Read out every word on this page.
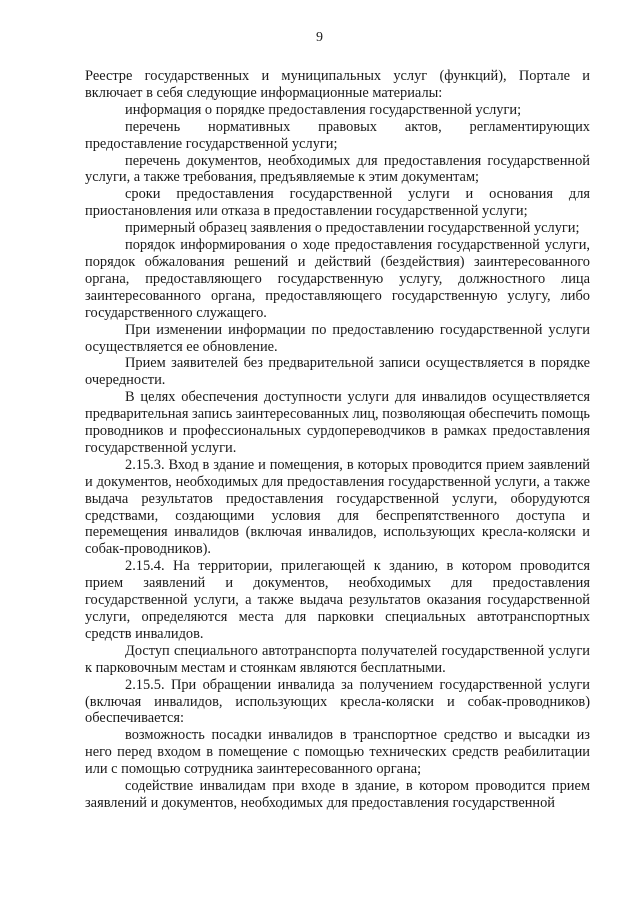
9

Реестре государственных и муниципальных услуг (функций), Портале и включает в себя следующие информационные материалы:

информация о порядке предоставления государственной услуги;

перечень нормативных правовых актов, регламентирующих предоставление государственной услуги;

перечень документов, необходимых для предоставления государственной услуги, а также требования, предъявляемые к этим документам;

сроки предоставления государственной услуги и основания для приостановления или отказа в предоставлении государственной услуги;

примерный образец заявления о предоставлении государственной услуги;

порядок информирования о ходе предоставления государственной услуги, порядок обжалования решений и действий (бездействия) заинтересованного органа, предоставляющего государственную услугу, должностного лица заинтересованного органа, предоставляющего государственную услугу, либо государственного служащего.

При изменении информации по предоставлению государственной услуги осуществляется ее обновление.

Прием заявителей без предварительной записи осуществляется в порядке очередности.

В целях обеспечения доступности услуги для инвалидов осуществляется предварительная запись заинтересованных лиц, позволяющая обеспечить помощь проводников и профессиональных сурдопереводчиков в рамках предоставления государственной услуги.

2.15.3. Вход в здание и помещения, в которых проводится прием заявлений и документов, необходимых для предоставления государственной услуги, а также выдача результатов предоставления государственной услуги, оборудуются средствами, создающими условия для беспрепятственного доступа и перемещения инвалидов (включая инвалидов, использующих кресла-коляски и собак-проводников).

2.15.4. На территории, прилегающей к зданию, в котором проводится прием заявлений и документов, необходимых для предоставления государственной услуги, а также выдача результатов оказания государственной услуги, определяются места для парковки специальных автотранспортных средств инвалидов.

Доступ специального автотранспорта получателей государственной услуги к парковочным местам и стоянкам являются бесплатными.

2.15.5. При обращении инвалида за получением государственной услуги (включая инвалидов, использующих кресла-коляски и собак-проводников) обеспечивается:

возможность посадки инвалидов в транспортное средство и высадки из него перед входом в помещение с помощью технических средств реабилитации или с помощью сотрудника заинтересованного органа;

содействие инвалидам при входе в здание, в котором проводится прием заявлений и документов, необходимых для предоставления государственной
